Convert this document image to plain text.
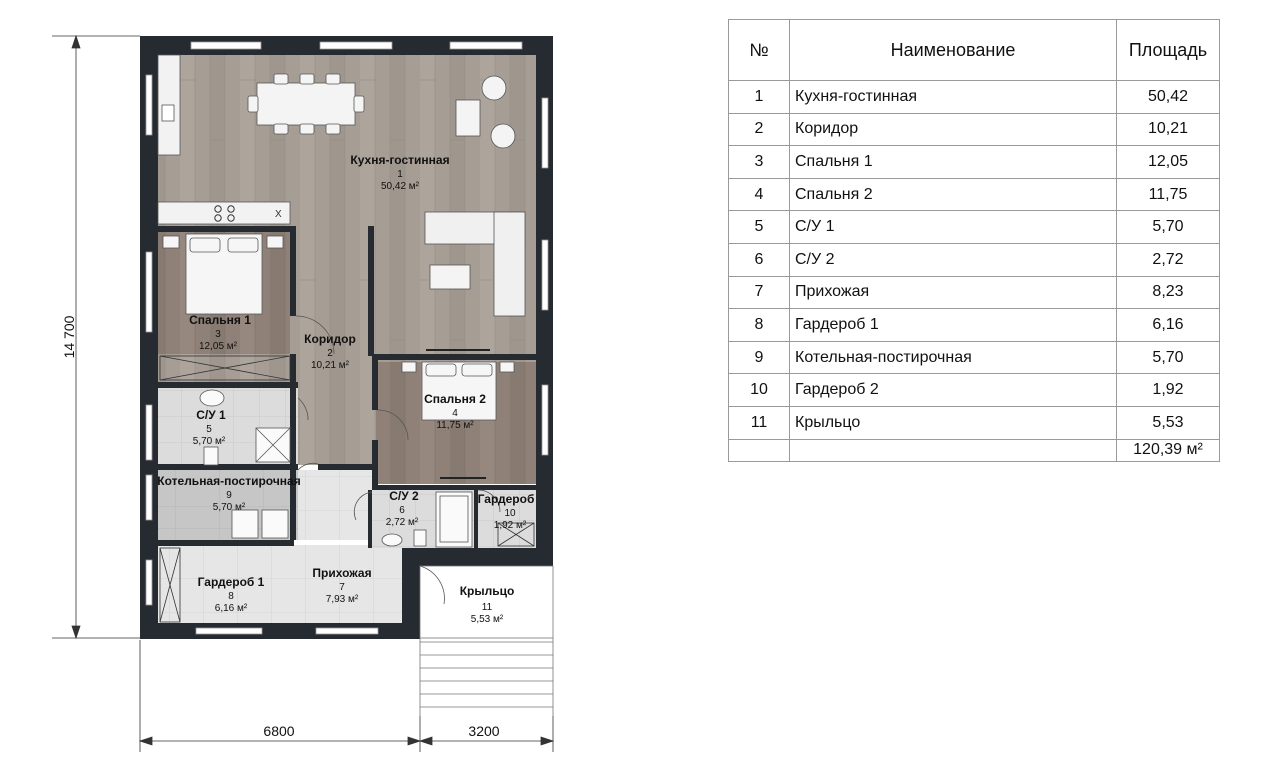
X
14 700
6800	3200
Кухня-гостинная
1
50,42 м²
Коридор
2
10,21 м²
Спальня 1
3
12,05 м²
Спальня 2
4
11,75 м²
С/У 1
5
5,70 м²
С/У 2
6
2,72 м²
Прихожая
7
7,93 м²
Гардероб 1
8
6,16 м²
Котельная-постирочная
9
5,70 м²
Гардероб
10
1,92 м²
Крыльцо
11
5,53 м²
№	Наименование	Площадь
1	Кухня-гостинная	50,42
2	Коридор	10,21
3	Спальня 1	12,05
4	Спальня 2	11,75
5	С/У 1	5,70
6	С/У 2	2,72
7	Прихожая	8,23
8	Гардероб 1	6,16
9	Котельная-постирочная	5,70
10	Гардероб 2	1,92
11	Крыльцо	5,53
		120,39 м²
